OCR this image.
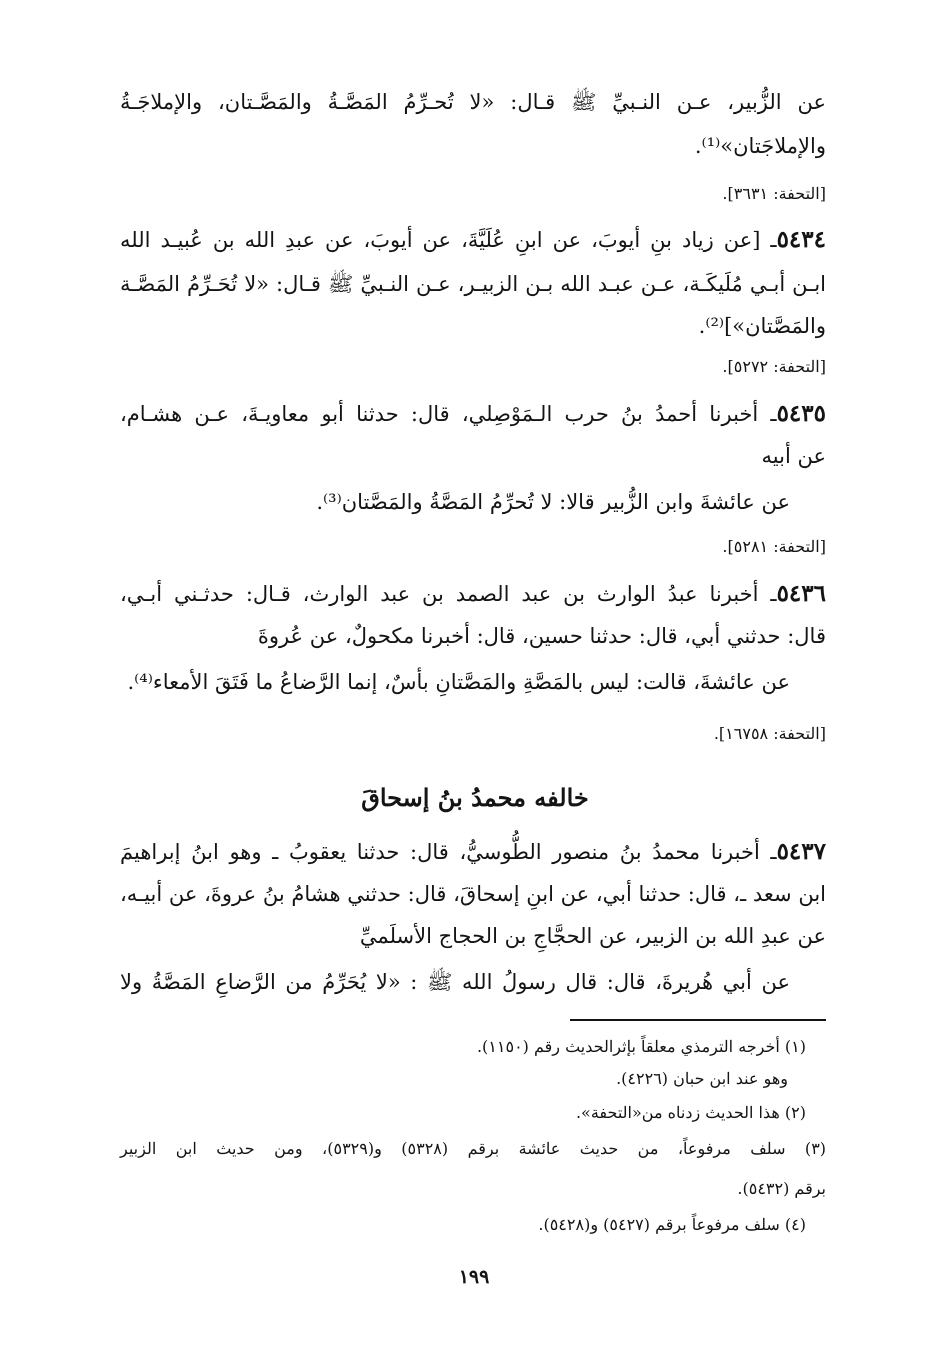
عن الزُّبير، عـن النـبيِّ ﷺ قـال: «لا تُحـرِّمُ المَصَّـةُ والمَصَّـتان، والإملاجَـةُ
والإملاجَتان»⁽¹⁾.
[التحفة: ٣٦٣١].
٥٤٣٤ـ [عن زياد بنِ أيوبَ، عن ابنِ عُلَيَّةَ، عن أيوبَ، عن عبدِ الله بن عُبيـد الله
ابـن أبـي مُلَيكَـة، عـن عبـد الله بـن الزبيـر، عـن النـبيِّ ﷺ قـال: «لا تُحَـرِّمُ المَصَّـة
والمَصَّتان»]⁽²⁾.
[التحفة: ٥٢٧٢].
٥٤٣٥ـ أخبرنا أحمدُ بنُ حرب الـمَوْصِلي، قال: حدثنا أبو معاويـةَ، عـن هشـام،
عن أبيه
عن عائشةَ وابن الزُّبير قالا: لا تُحرِّمُ المَصَّةُ والمَصَّتان⁽³⁾.
[التحفة: ٥٢٨١].
٥٤٣٦ـ أخبرنا عبدُ الوارث بن عبد الصمد بن عبد الوارث، قـال: حدثـني أبـي،
قال: حدثني أبي، قال: حدثنا حسين، قال: أخبرنا مكحولٌ، عن عُروةَ
عن عائشةَ، قالت: ليس بالمَصَّةِ والمَصَّتانِ بأسٌ، إنما الرَّضاعُ ما فَتَقَ الأمعاء⁽⁴⁾.
[التحفة: ١٦٧٥٨].
خالفه محمدُ بنُ إسحاقَ
٥٤٣٧ـ أخبرنا محمدُ بنُ منصور الطُّوسيُّ، قال: حدثنا يعقوبُ ـ وهو ابنُ إبراهيمَ
ابن سعد ـ، قال: حدثنا أبي، عن ابنِ إسحاقَ، قال: حدثني هشامُ بنُ عروةَ، عن أبيـه،
عن عبدِ الله بن الزبير، عن الحجَّاجِ بن الحجاج الأسلَميِّ
عن أبي هُريرةَ، قال: قال رسولُ الله ﷺ : «لا يُحَرِّمُ من الرَّضاعِ المَصَّةُ ولا
(١) أخرجه الترمذي معلقاً بإثرالحديث رقم (١١٥٠).
وهو عند ابن حبان (٤٢٢٦).
(٢) هذا الحديث زدناه من«التحفة».
(٣) سلف مرفوعاً، من حديث عائشة برقم (٥٣٢٨) و(٥٣٢٩)، ومن حديث ابن الزبير
برقم (٥٤٣٢).
(٤) سلف مرفوعاً برقم (٥٤٢٧) و(٥٤٢٨).
١٩٩
